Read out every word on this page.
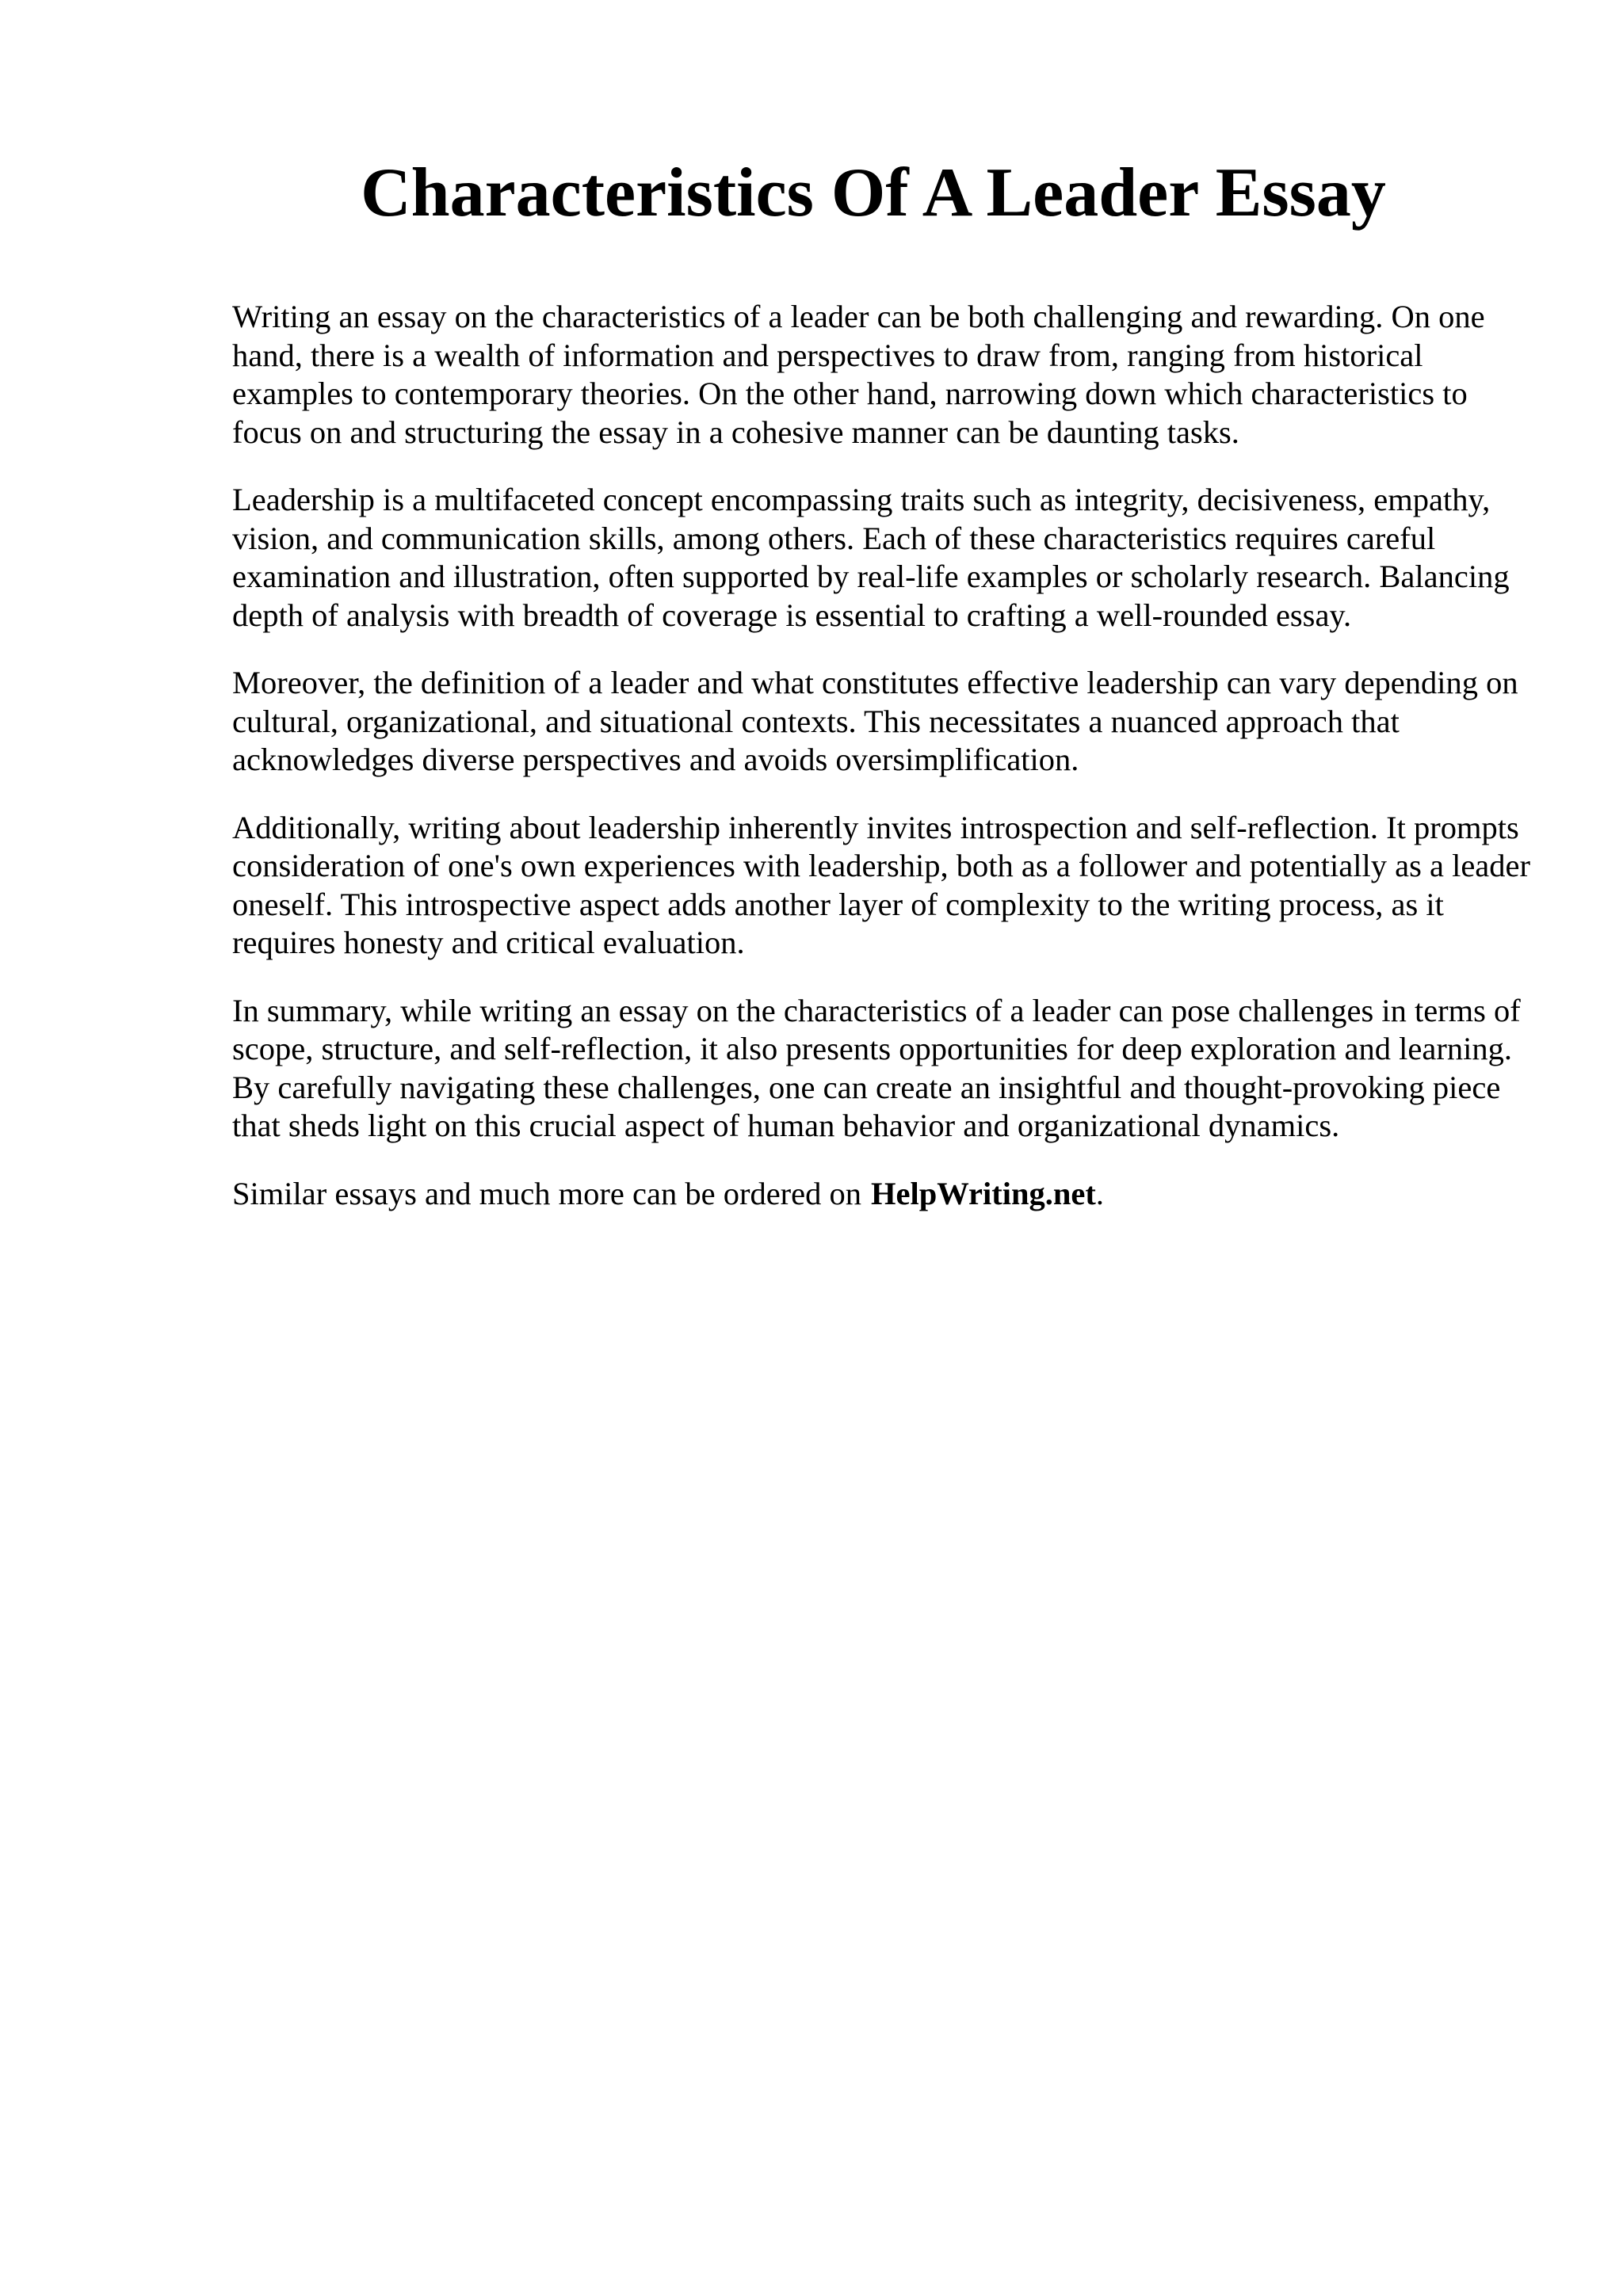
Characteristics Of A Leader Essay

Writing an essay on the characteristics of a leader can be both challenging and rewarding. On one hand, there is a wealth of information and perspectives to draw from, ranging from historical examples to contemporary theories. On the other hand, narrowing down which characteristics to focus on and structuring the essay in a cohesive manner can be daunting tasks.

Leadership is a multifaceted concept encompassing traits such as integrity, decisiveness, empathy, vision, and communication skills, among others. Each of these characteristics requires careful examination and illustration, often supported by real-life examples or scholarly research. Balancing depth of analysis with breadth of coverage is essential to crafting a well-rounded essay.

Moreover, the definition of a leader and what constitutes effective leadership can vary depending on cultural, organizational, and situational contexts. This necessitates a nuanced approach that acknowledges diverse perspectives and avoids oversimplification.

Additionally, writing about leadership inherently invites introspection and self-reflection. It prompts consideration of one's own experiences with leadership, both as a follower and potentially as a leader oneself. This introspective aspect adds another layer of complexity to the writing process, as it requires honesty and critical evaluation.

In summary, while writing an essay on the characteristics of a leader can pose challenges in terms of scope, structure, and self-reflection, it also presents opportunities for deep exploration and learning. By carefully navigating these challenges, one can create an insightful and thought-provoking piece that sheds light on this crucial aspect of human behavior and organizational dynamics.

Similar essays and much more can be ordered on HelpWriting.net.
